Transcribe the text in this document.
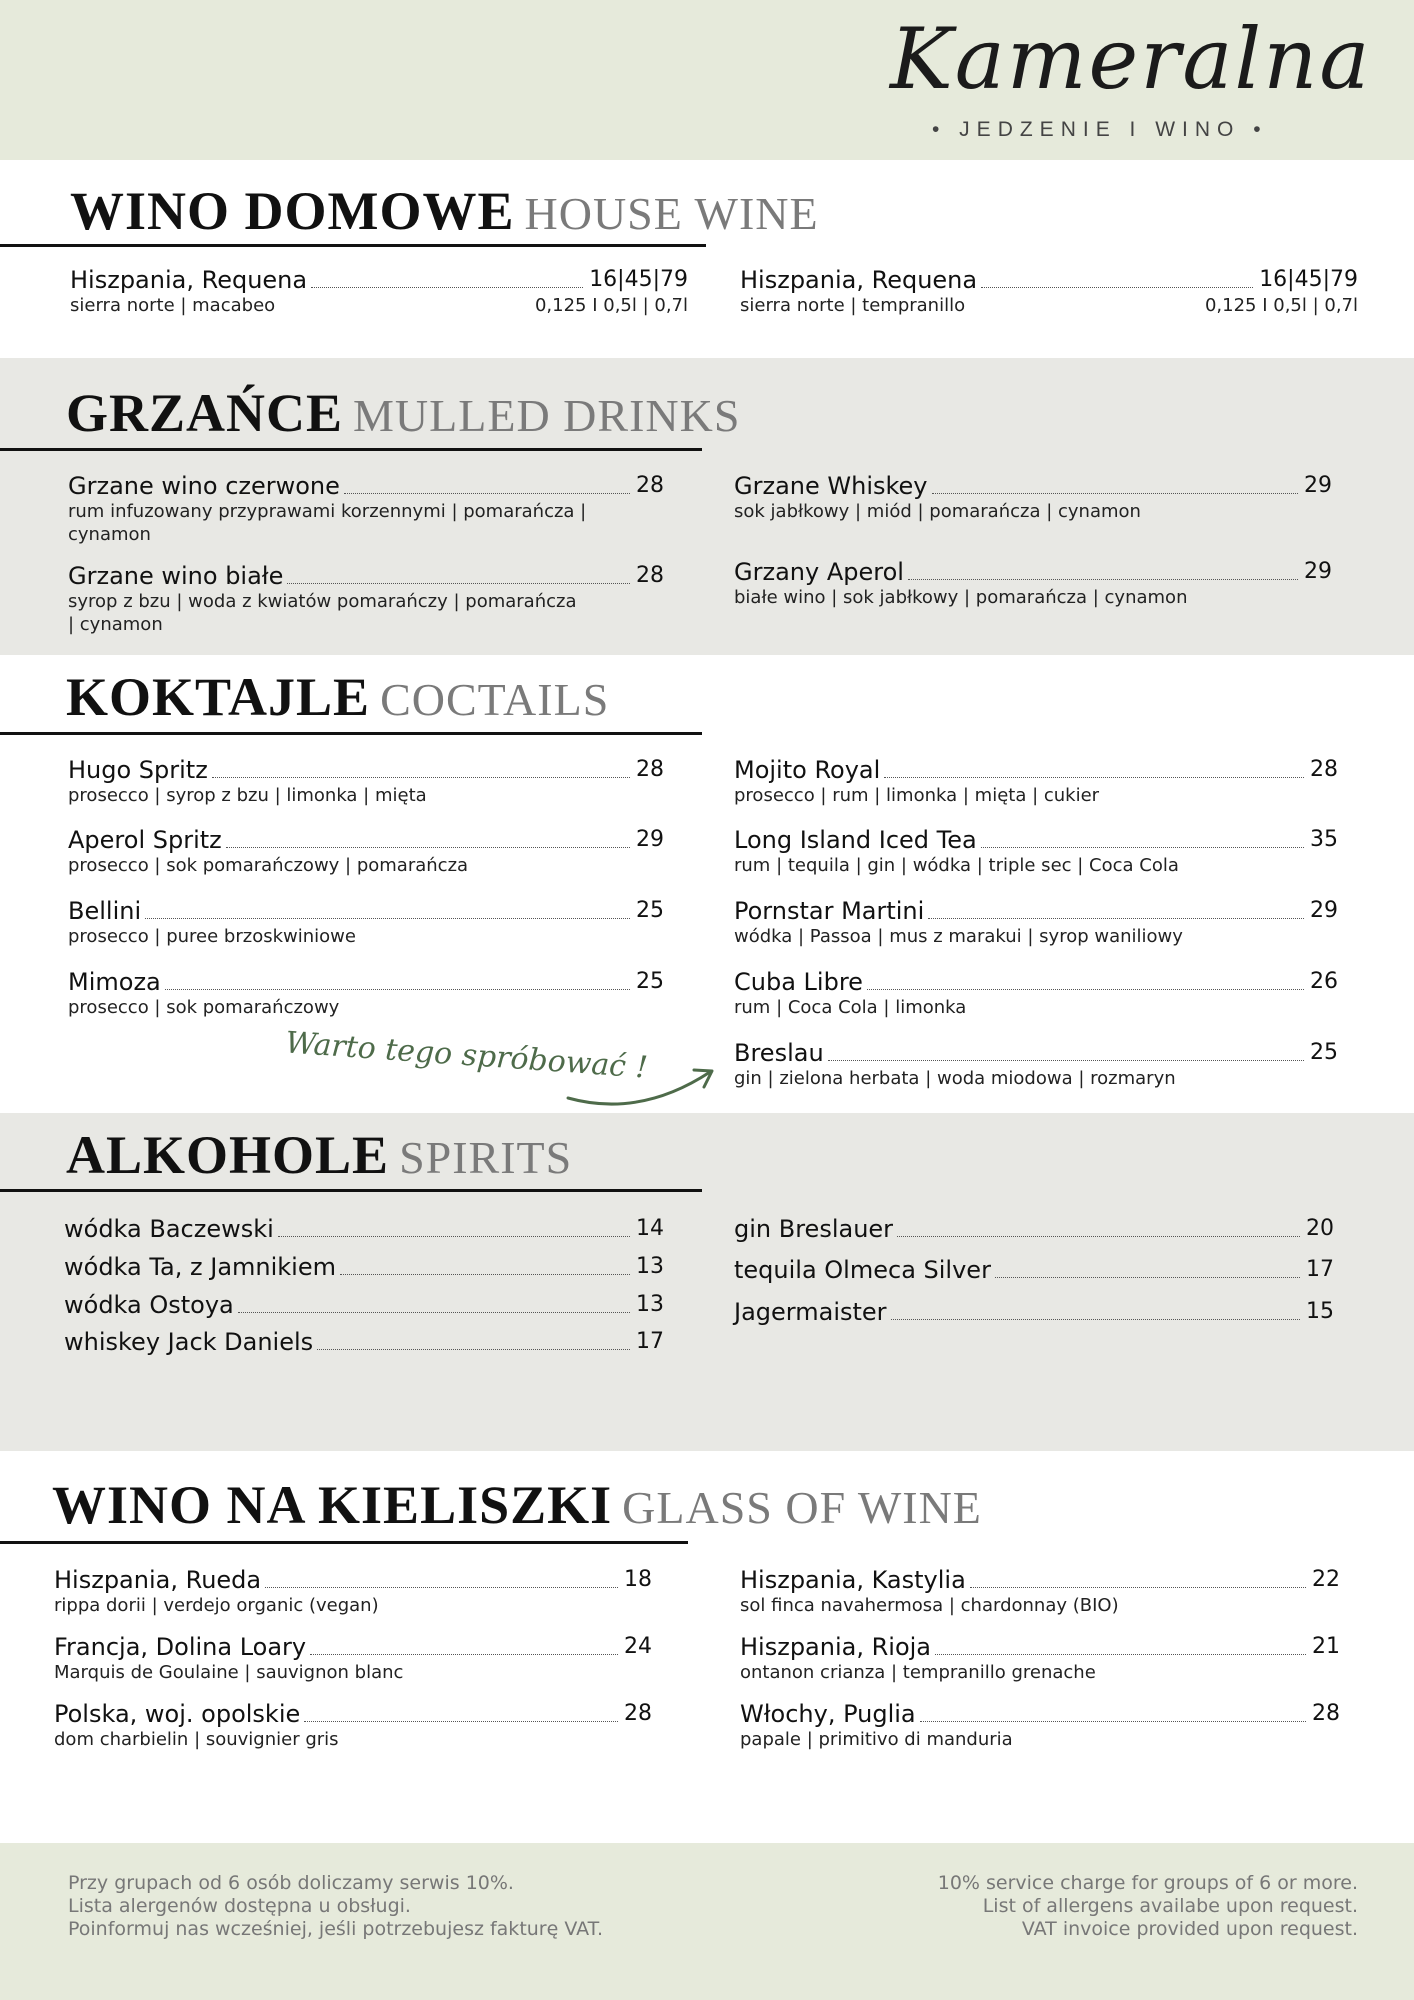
Kameralna
• JEDZENIE I WINO •
WINO DOMOWE HOUSE WINE
Hiszpania, Requena	16|45|79
sierra norte | macabeo	0,125 I 0,5l | 0,7l
Hiszpania, Requena	16|45|79
sierra norte | tempranillo	0,125 I 0,5l | 0,7l
GRZAŃCE MULLED DRINKS
Grzane wino czerwone	28
rum infuzowany przyprawami korzennymi | pomarańcza | cynamon
Grzane wino białe	28
syrop z bzu | woda z kwiatów pomarańczy | pomarańcza | cynamon
Grzane Whiskey	29
sok jabłkowy | miód | pomarańcza | cynamon
Grzany Aperol	29
białe wino | sok jabłkowy | pomarańcza | cynamon
KOKTAJLE COCTAILS
Hugo Spritz	28
prosecco | syrop z bzu | limonka | mięta
Aperol Spritz	29
prosecco | sok pomarańczowy | pomarańcza
Bellini	25
prosecco | puree brzoskwiniowe
Mimoza	25
prosecco | sok pomarańczowy
Mojito Royal	28
prosecco | rum | limonka | mięta | cukier
Long Island Iced Tea	35
rum | tequila | gin | wódka | triple sec | Coca Cola
Pornstar Martini	29
wódka | Passoa | mus z marakui | syrop waniliowy
Cuba Libre	26
rum | Coca Cola | limonka
Breslau	25
gin | zielona herbata | woda miodowa | rozmaryn
Warto tego spróbować !
ALKOHOLE SPIRITS
wódka Baczewski	14
wódka Ta, z Jamnikiem	13
wódka Ostoya	13
whiskey Jack Daniels	17
gin Breslauer	20
tequila Olmeca Silver	17
Jagermaister	15
WINO NA KIELISZKI GLASS OF WINE
Hiszpania, Rueda	18
rippa dorii | verdejo organic (vegan)
Francja, Dolina Loary	24
Marquis de Goulaine | sauvignon blanc
Polska, woj. opolskie	28
dom charbielin | souvignier gris
Hiszpania, Kastylia	22
sol finca navahermosa | chardonnay (BIO)
Hiszpania, Rioja	21
ontanon crianza | tempranillo grenache
Włochy, Puglia	28
papale | primitivo di manduria
Przy grupach od 6 osób doliczamy serwis 10%.
Lista alergenów dostępna u obsługi.
Poinformuj nas wcześniej, jeśli potrzebujesz fakturę VAT.
10% service charge for groups of 6 or more.
List of allergens availabe upon request.
VAT invoice provided upon request.
